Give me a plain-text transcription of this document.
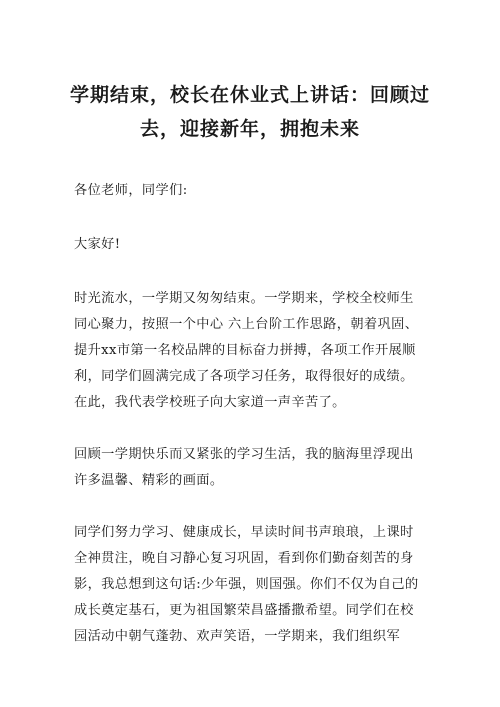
学期结束，校长在休业式上讲话：回顾过
去，迎接新年，拥抱未来
各位老师，同学们:
大家好!
时光流水，一学期又匆匆结束。一学期来，学校全校师生
同心聚力，按照一个中心 六上台阶工作思路，朝着巩固、
提升xx市第一名校品牌的目标奋力拼搏，各项工作开展顺
利，同学们圆满完成了各项学习任务，取得很好的成绩。
在此，我代表学校班子向大家道一声辛苦了。
回顾一学期快乐而又紧张的学习生活，我的脑海里浮现出
许多温馨、精彩的画面。
同学们努力学习、健康成长，早读时间书声琅琅，上课时
全神贯注，晚自习静心复习巩固，看到你们勤奋刻苦的身
影，我总想到这句话:少年强，则国强。你们不仅为自己的
成长奠定基石，更为祖国繁荣昌盛播撒希望。同学们在校
园活动中朝气蓬勃、欢声笑语，一学期来，我们组织军
